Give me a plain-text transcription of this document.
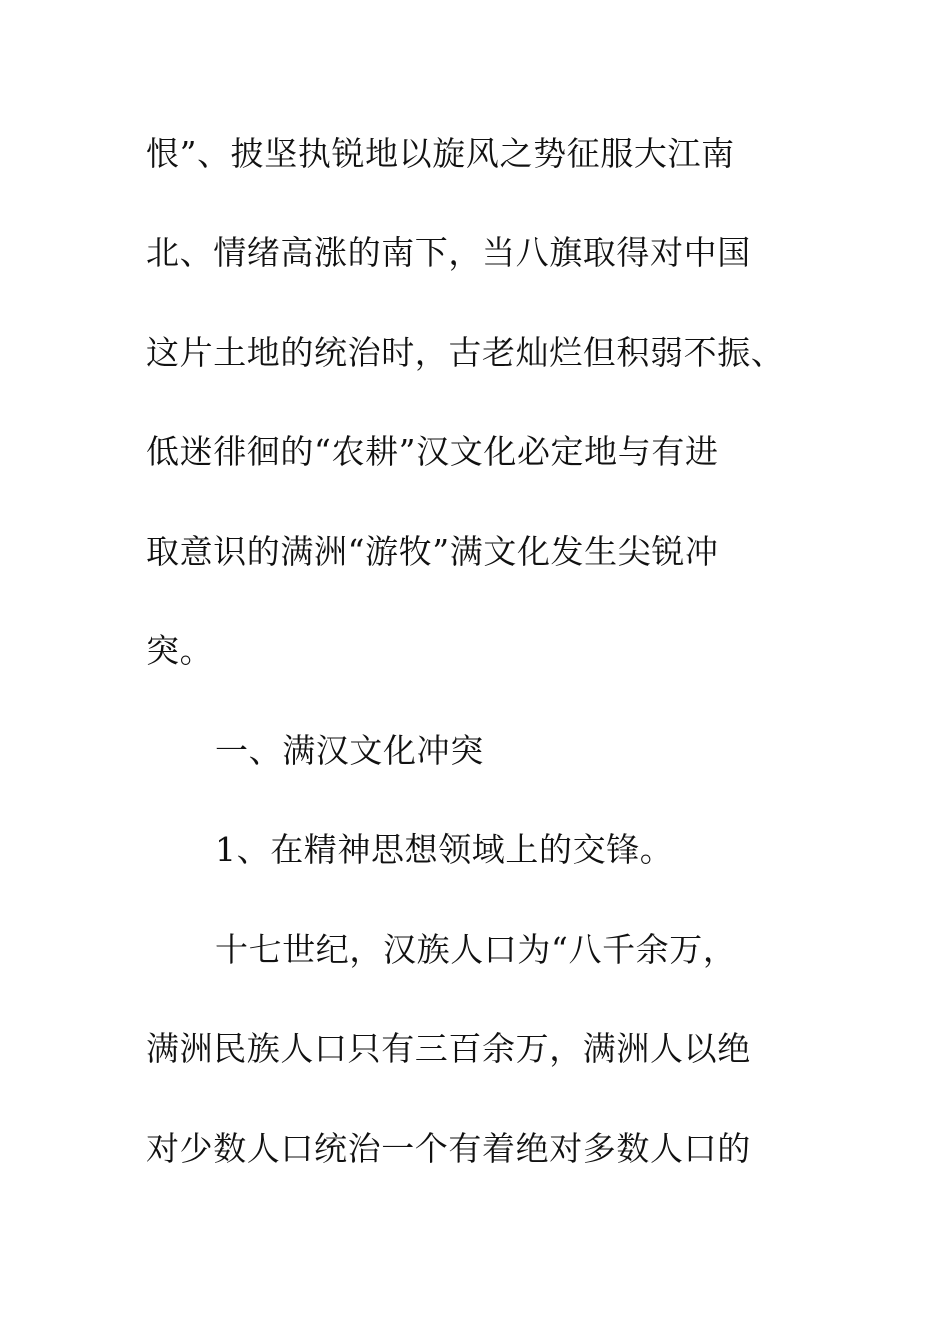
恨”、披坚执锐地以旋风之势征服大江南
北、情绪高涨的南下，当八旗取得对中国
这片土地的统治时，古老灿烂但积弱不振、
低迷徘徊的“农耕”汉文化必定地与有进
取意识的满洲“游牧”满文化发生尖锐冲
突。
一、满汉文化冲突
1、在精神思想领域上的交锋。
十七世纪，汉族人口为“八千余万，
满洲民族人口只有三百余万，满洲人以绝
对少数人口统治一个有着绝对多数人口的
